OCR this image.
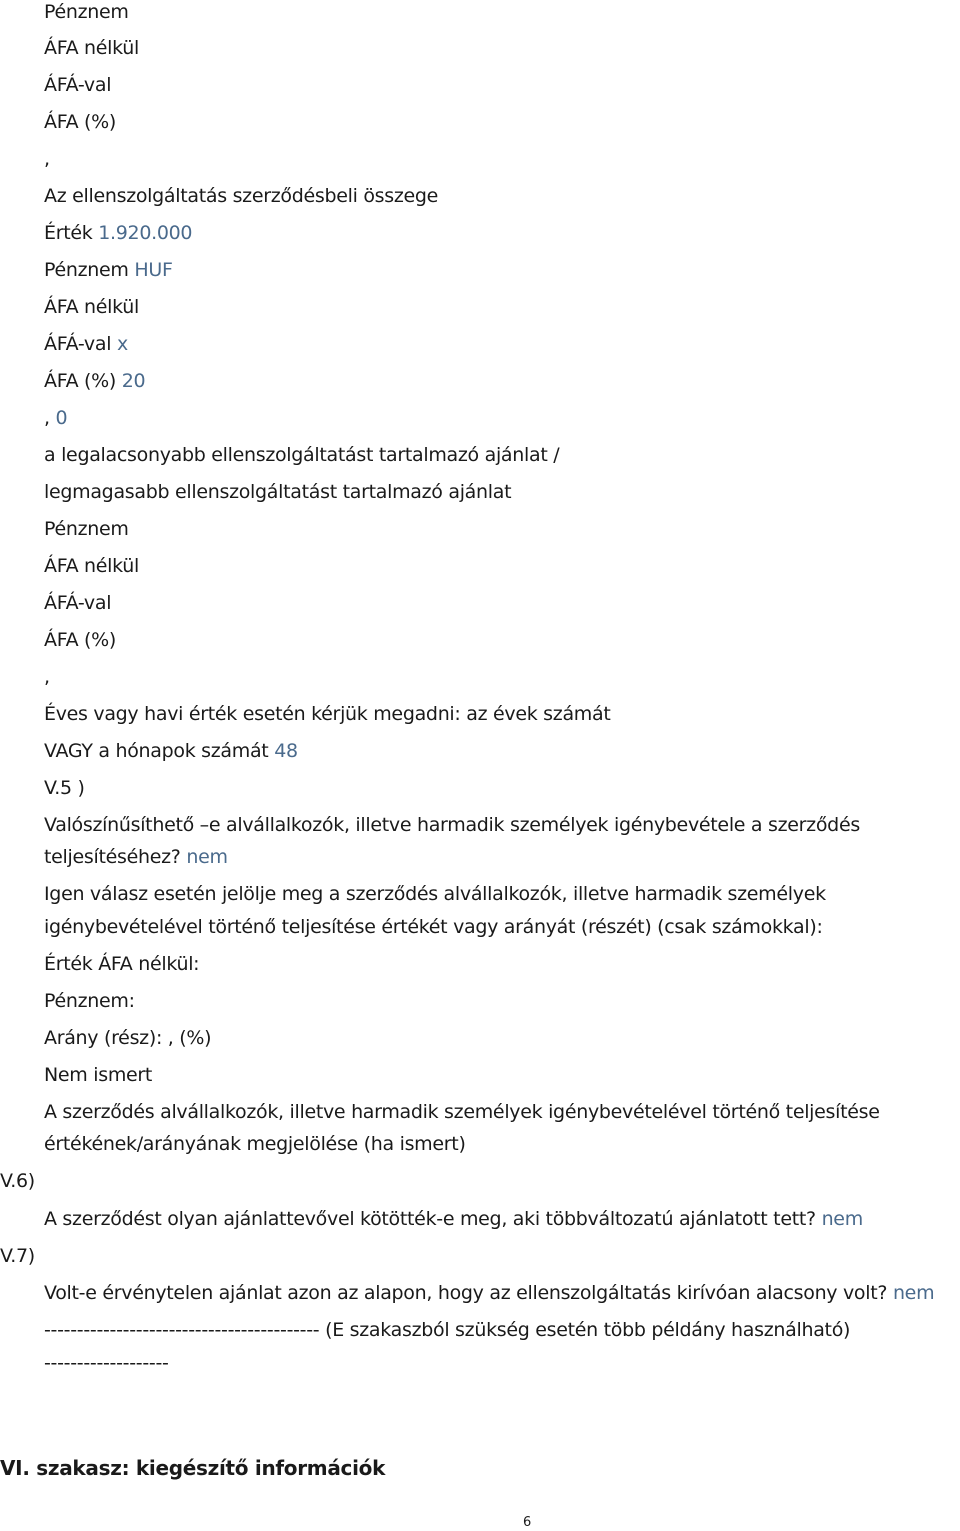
Pénznem
ÁFA nélkül
ÁFÁ-val
ÁFA (%)
,
Az ellenszolgáltatás szerződésbeli összege
Érték 1.920.000
Pénznem HUF
ÁFA nélkül
ÁFÁ-val x
ÁFA (%) 20
, 0
a legalacsonyabb ellenszolgáltatást tartalmazó ajánlat /
legmagasabb ellenszolgáltatást tartalmazó ajánlat
Pénznem
ÁFA nélkül
ÁFÁ-val
ÁFA (%)
,
Éves vagy havi érték esetén kérjük megadni: az évek számát
VAGY a hónapok számát 48
V.5 )
Valószínűsíthető –e alvállalkozók, illetve harmadik személyek igénybevétele a szerződés
teljesítéséhez? nem
Igen válasz esetén jelölje meg a szerződés alvállalkozók, illetve harmadik személyek
igénybevételével történő teljesítése értékét vagy arányát (részét) (csak számokkal):
Érték ÁFA nélkül:
Pénznem:
Arány (rész): , (%)
Nem ismert
A szerződés alvállalkozók, illetve harmadik személyek igénybevételével történő teljesítése
értékének/arányának megjelölése (ha ismert)
V.6)
A szerződést olyan ajánlattevővel kötötték-e meg, aki többváltozatú ajánlatott tett? nem
V.7)
Volt-e érvénytelen ajánlat azon az alapon, hogy az ellenszolgáltatás kirívóan alacsony volt? nem
------------------------------------------ (E szakaszból szükség esetén több példány használható)
-------------------
VI. szakasz: kiegészítő információk
6
